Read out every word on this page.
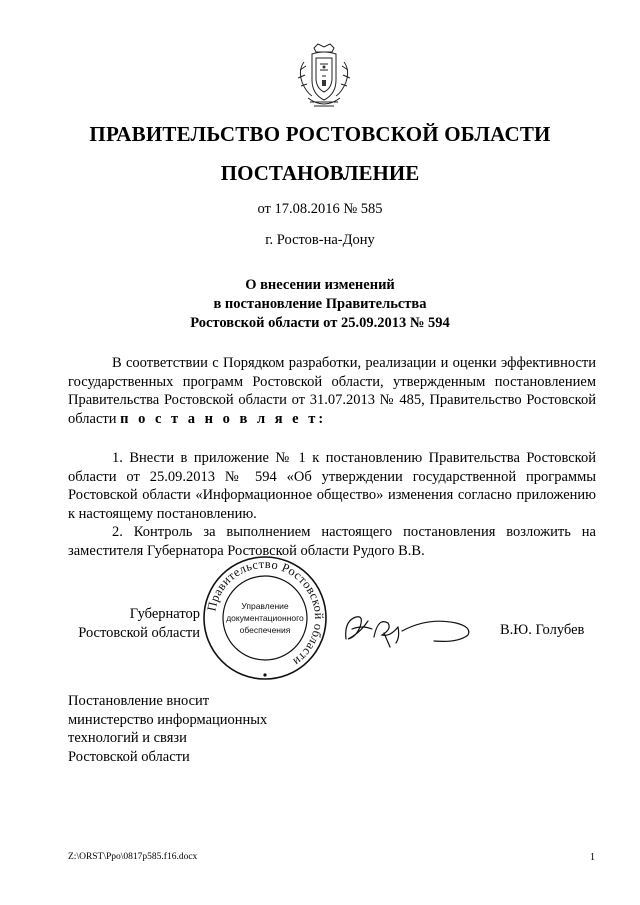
ПРАВИТЕЛЬСТВО РОСТОВСКОЙ ОБЛАСТИ
ПОСТАНОВЛЕНИЕ
от 17.08.2016 № 585
г. Ростов-на-Дону
О внесении изменений
в постановление Правительства
Ростовской области от 25.09.2013 № 594

В соответствии с Порядком разработки, реализации и оценки эффективности государственных программ Ростовской области, утвержденным постановлением Правительства Ростовской области от 31.07.2013 № 485, Правительство Ростовской области п о с т а н о в л я е т:

1. Внести в приложение № 1 к постановлению Правительства Ростовской области от 25.09.2013 № 594 «Об утверждении государственной программы Ростовской области «Информационное общество» изменения согласно приложению к настоящему постановлению.

2. Контроль за выполнением настоящего постановления возложить на заместителя Губернатора Ростовской области Рудого В.В.

Губернатор
Ростовской области
Правительство Ростовской области
Управление
документационного
обеспечения	В.Ю. Голубев
Постановление вносит
министерство информационных
технологий и связи
Ростовской области
Z:\ORST\Ppo\0817p585.f16.docx	1
